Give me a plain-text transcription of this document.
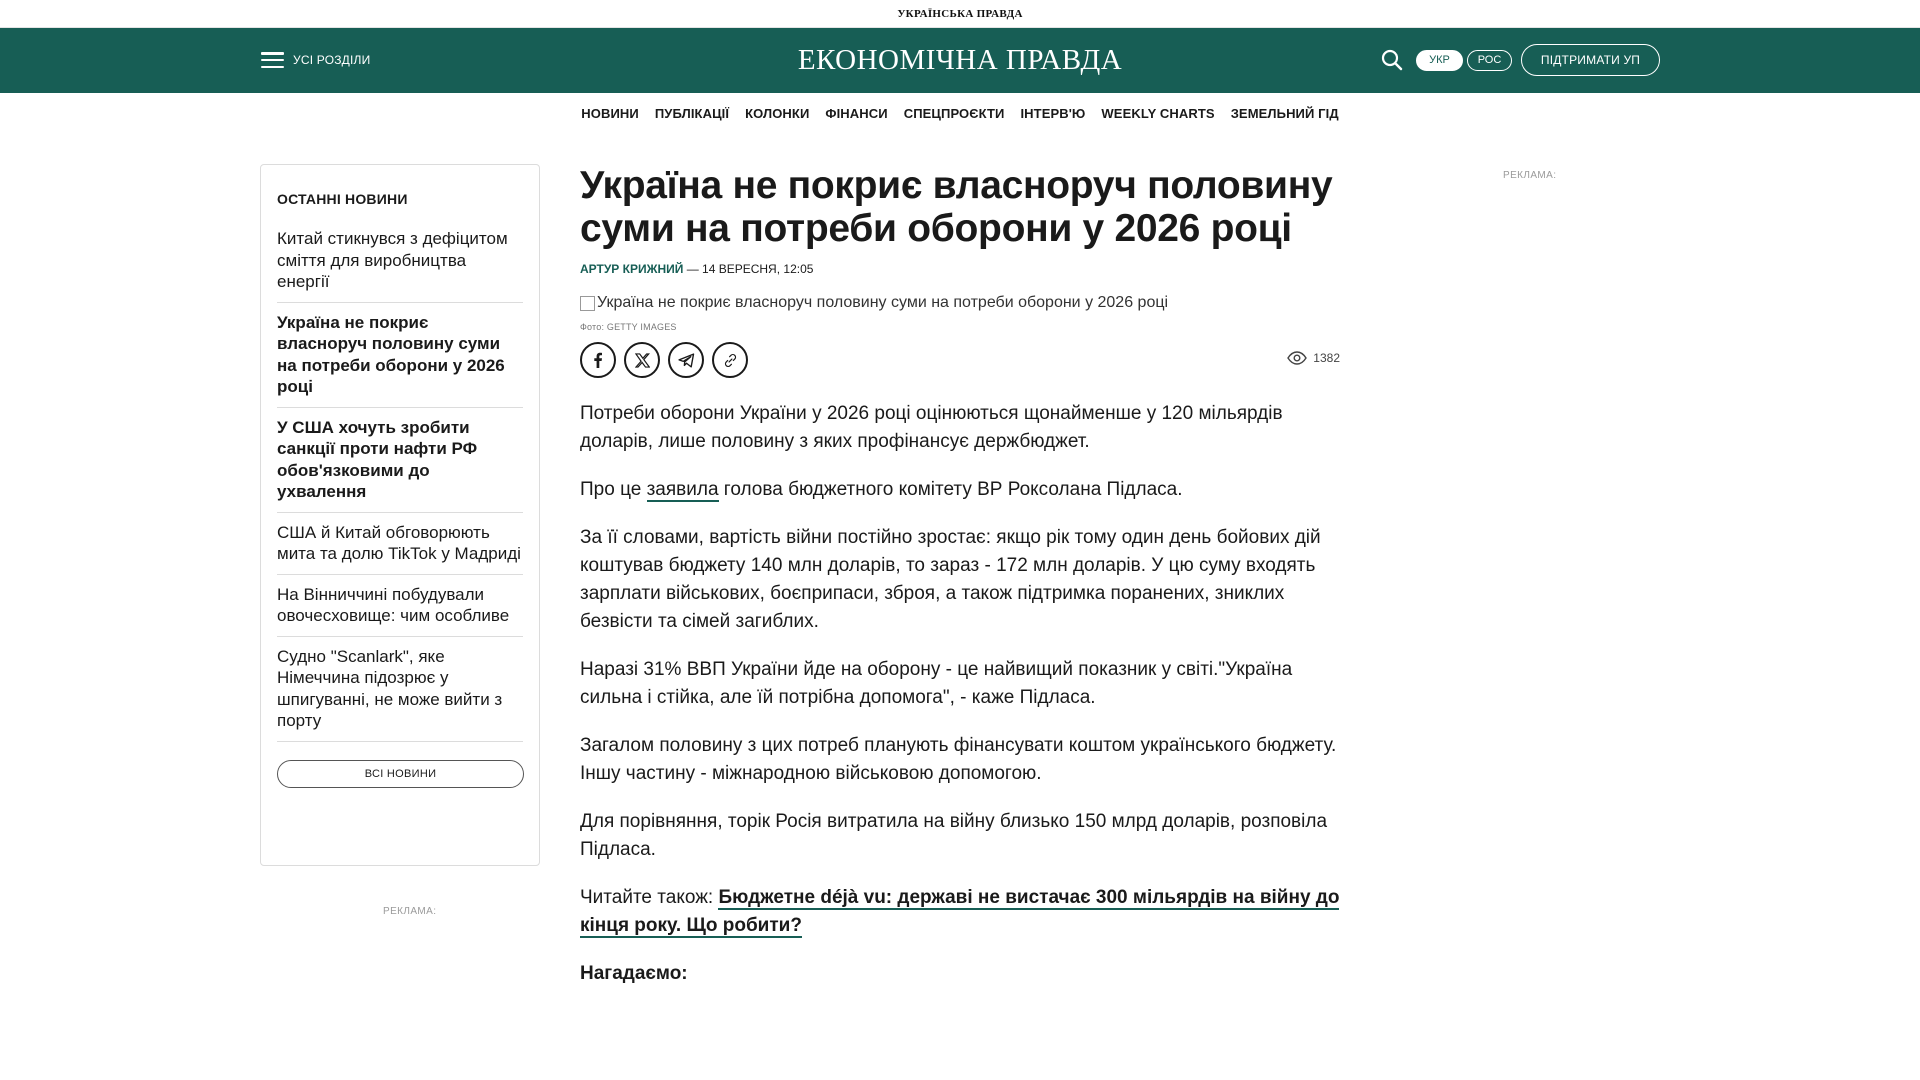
УКРАЇНСЬКА ПРАВДА
УСІ РОЗДІЛИ	ЕКОНОМІЧНА ПРАВДА	УКР	РОС	ПІДТРИМАТИ УП
НОВИНИ	ПУБЛІКАЦІЇ	КОЛОНКИ	ФІНАНСИ	СПЕЦПРОЄКТИ	ІНТЕРВ'Ю	WEEKLY CHARTS	ЗЕМЕЛЬНИЙ ГІД
ОСТАННІ НОВИНИ
Китай стикнувся з дефіцитом сміття для виробництва енергії
Україна не покриє власноруч половину суми на потреби оборони у 2026 році
У США хочуть зробити санкції проти нафти РФ обов'язковими до ухвалення
США й Китай обговорюють мита та долю TikTok у Мадриді
На Вінниччині побудували овочесховище: чим особливе
Судно "Scanlark", яке Німеччина підозрює у шпигуванні, не може вийти з порту
ВСІ НОВИНИ
РЕКЛАМА:
РЕКЛАМА:
Україна не покриє власноруч половину суми на потреби оборони у 2026 році
АРТУР КРИЖНИЙ — 14 ВЕРЕСНЯ, 12:05
Україна не покриє власноруч половину суми на потреби оборони у 2026 році
Фото: GETTY IMAGES
1382

Потреби оборони України у 2026 році оцінюються щонайменше у 120 мільярдів доларів, лише половину з яких профінансує держбюджет.

Про це заявила голова бюджетного комітету ВР Роксолана Підласа.

За її словами, вартість війни постійно зростає: якщо рік тому один день бойових дій коштував бюджету 140 млн доларів, то зараз - 172 млн доларів. У цю суму входять зарплати військових, боєприпаси, зброя, а також підтримка поранених, зниклих безвісти та сімей загиблих.

Наразі 31% ВВП України йде на оборону - це найвищий показник у світі."Україна сильна і стійка, але їй потрібна допомога", - каже Підласа.

Загалом половину з цих потреб планують фінансувати коштом українського бюджету. Іншу частину - міжнародною військовою допомогою.

Для порівняння, торік Росія витратила на війну близько 150 млрд доларів, розповіла Підласа.

Читайте також: Бюджетне déjà vu: державі не вистачає 300 мільярдів на війну до кінця року. Що робити?

Нагадаємо:
